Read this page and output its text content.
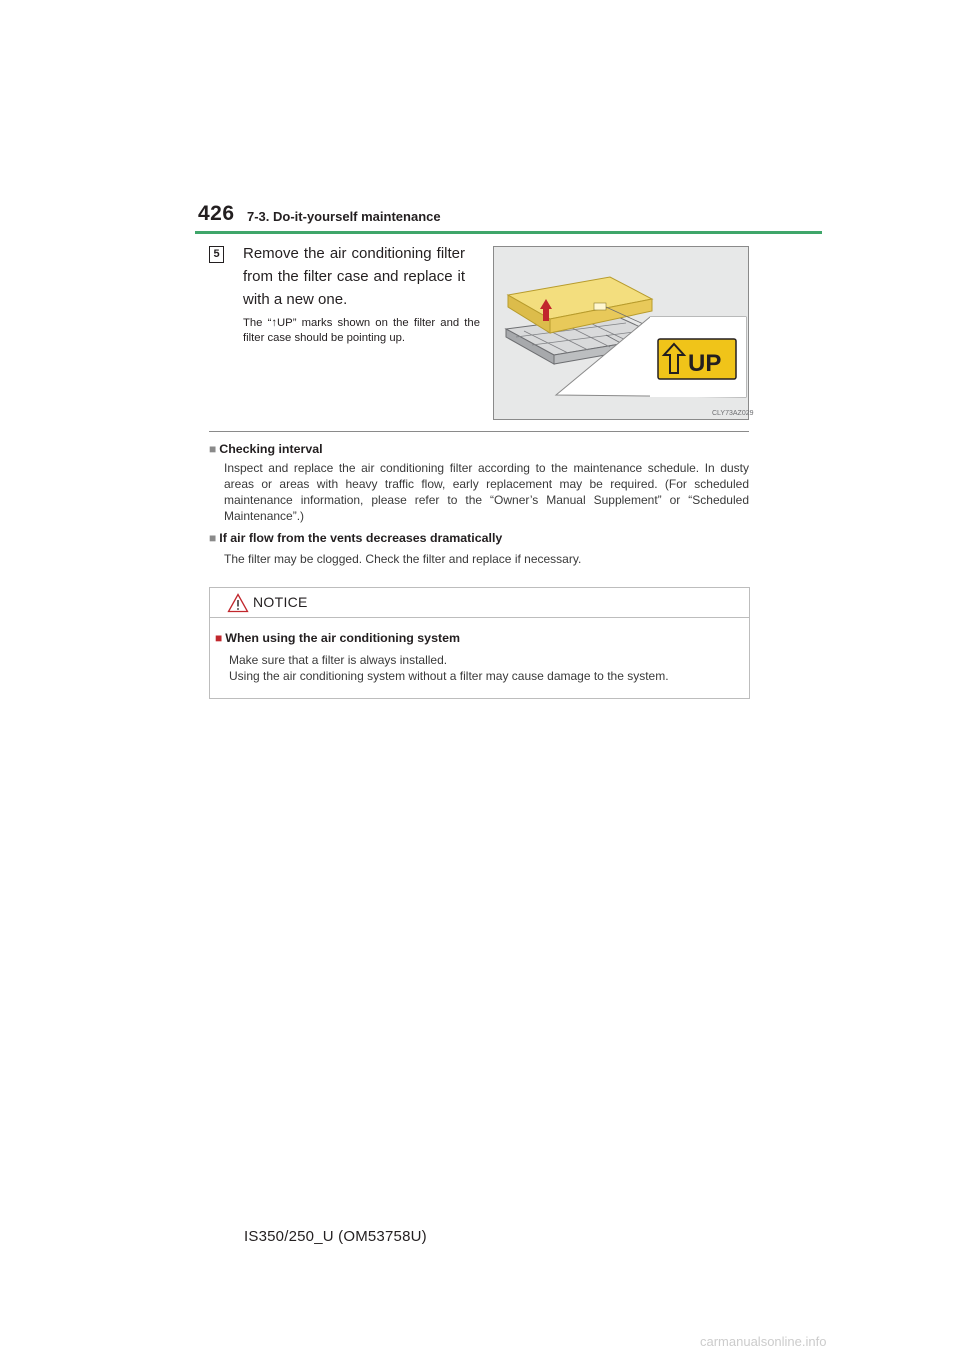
426 7-3. Do-it-yourself maintenance
5 Remove the air conditioning filter from the filter case and replace it with a new one.
The “↑UP” marks shown on the filter and the filter case should be pointing up.
UP
CLY73AZ029
■ Checking interval
Inspect and replace the air conditioning filter according to the maintenance schedule. In dusty areas or areas with heavy traffic flow, early replacement may be required. (For scheduled maintenance information, please refer to the “Owner’s Manual Supplement” or “Scheduled Maintenance”.)
■ If air flow from the vents decreases dramatically
The filter may be clogged. Check the filter and replace if necessary.
NOTICE
■ When using the air conditioning system
Make sure that a filter is always installed.
Using the air conditioning system without a filter may cause damage to the system.
IS350/250_U (OM53758U)
carmanualsonline.info
